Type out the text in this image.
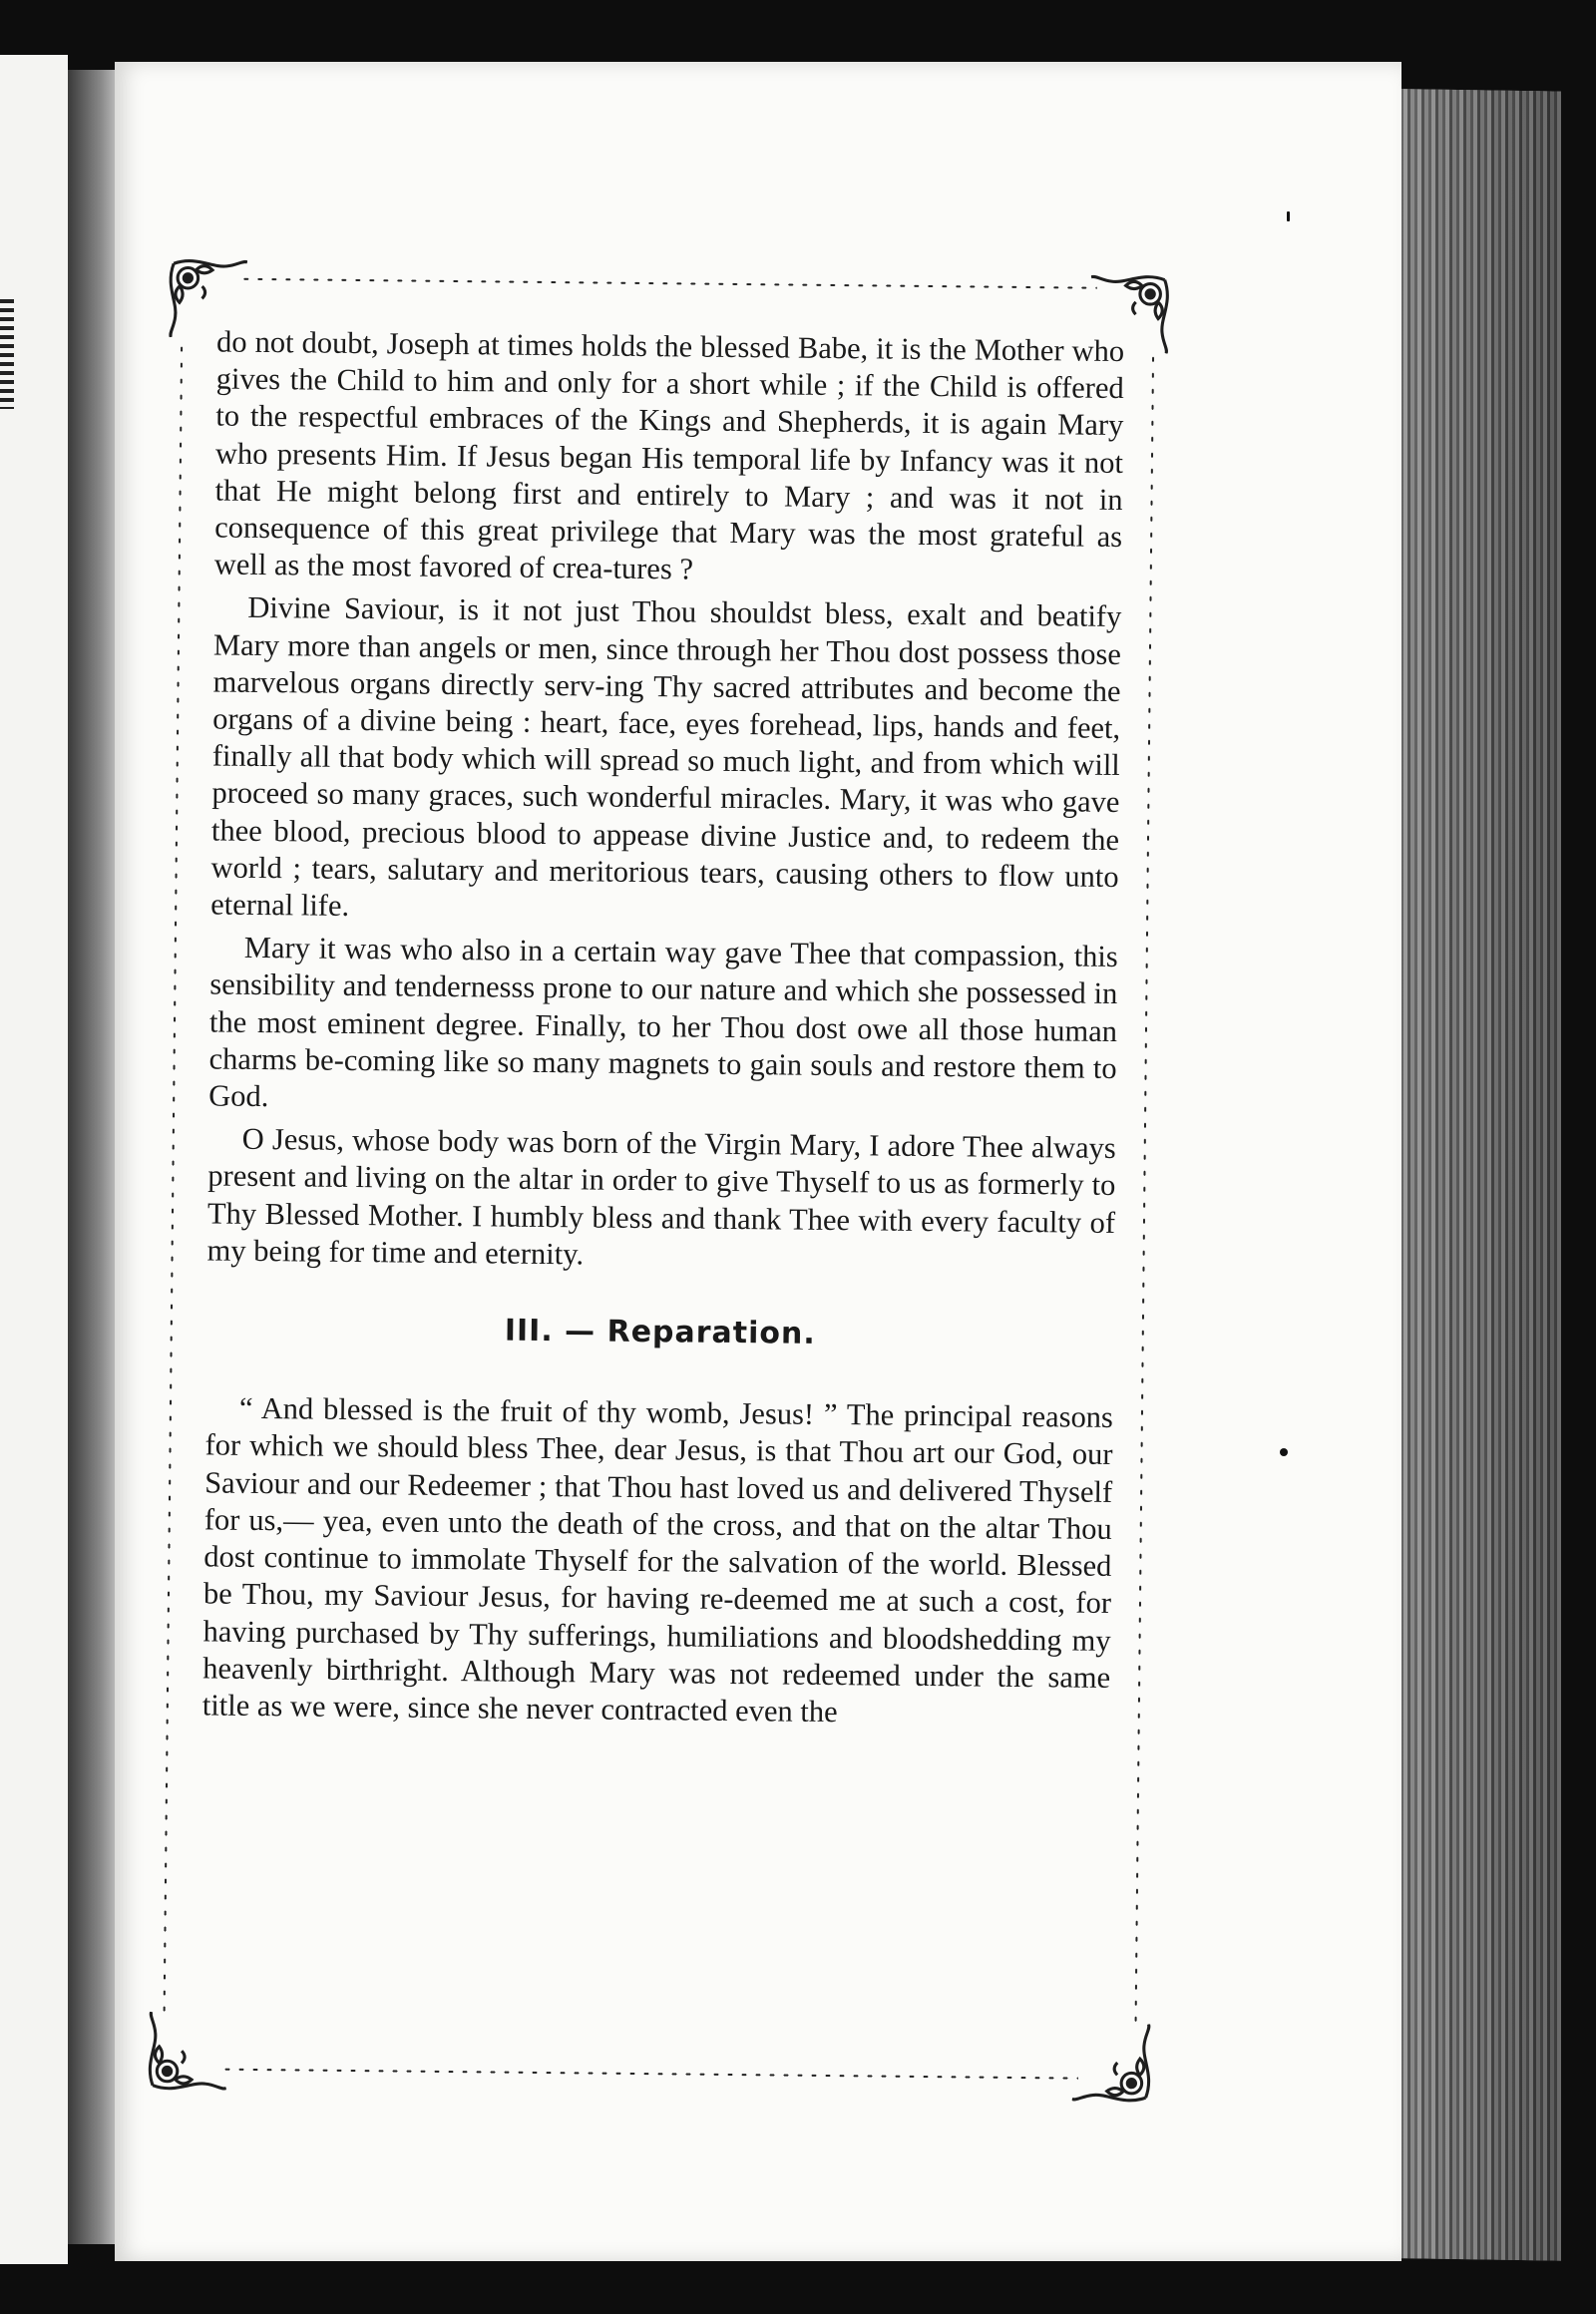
do not doubt, Joseph at times holds the blessed Babe, it is the Mother who gives the Child to him and only for a short while ; if the Child is offered to the respectful embraces of the Kings and Shepherds, it is again Mary who presents Him. If Jesus began His temporal life by Infancy was it not that He might belong first and entirely to Mary ; and was it not in consequence of this great privilege that Mary was the most grateful as well as the most favored of crea-tures ?

Divine Saviour, is it not just Thou shouldst bless, exalt and beatify Mary more than angels or men, since through her Thou dost possess those marvelous organs directly serv-ing Thy sacred attributes and become the organs of a divine being : heart, face, eyes forehead, lips, hands and feet, finally all that body which will spread so much light, and from which will proceed so many graces, such wonderful miracles. Mary, it was who gave thee blood, precious blood to appease divine Justice and, to redeem the world ; tears, salutary and meritorious tears, causing others to flow unto eternal life.

Mary it was who also in a certain way gave Thee that compassion, this sensibility and tendernesss prone to our nature and which she possessed in the most eminent degree. Finally, to her Thou dost owe all those human charms be-coming like so many magnets to gain souls and restore them to God.

O Jesus, whose body was born of the Virgin Mary, I adore Thee always present and living on the altar in order to give Thyself to us as formerly to Thy Blessed Mother. I humbly bless and thank Thee with every faculty of my being for time and eternity.

III. — Reparation.

“ And blessed is the fruit of thy womb, Jesus! ” The principal reasons for which we should bless Thee, dear Jesus, is that Thou art our God, our Saviour and our Redeemer ; that Thou hast loved us and delivered Thyself for us,— yea, even unto the death of the cross, and that on the altar Thou dost continue to immolate Thyself for the salvation of the world. Blessed be Thou, my Saviour Jesus, for having re-deemed me at such a cost, for having purchased by Thy sufferings, humiliations and bloodshedding my heavenly birthright. Although Mary was not redeemed under the same title as we were, since she never contracted even the
